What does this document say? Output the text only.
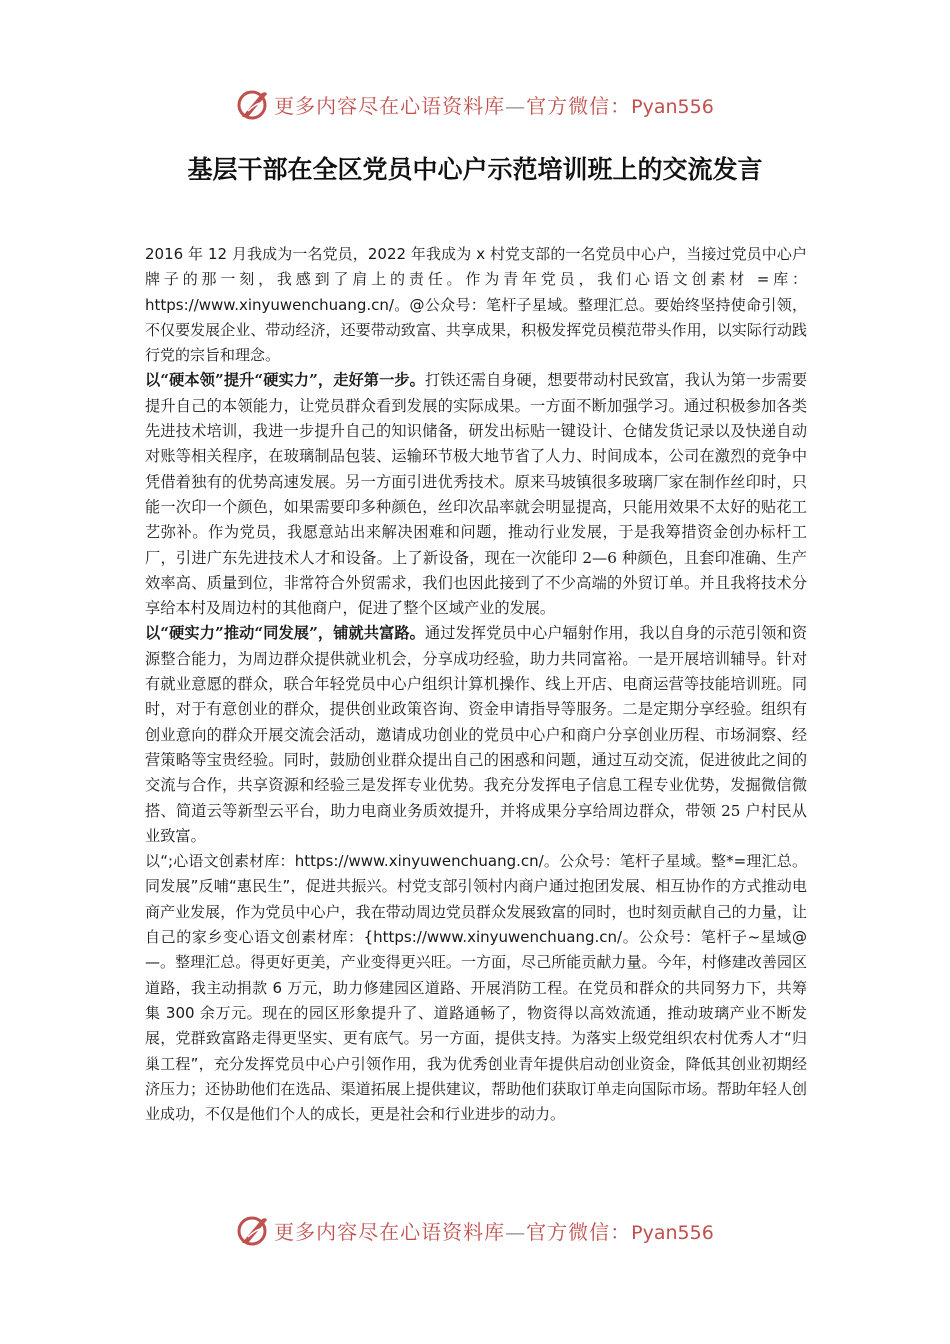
更多内容尽在心语资料库—官方微信：Pyan556
基层干部在全区党员中心户示范培训班上的交流发言

2016 年 12 月我成为一名党员，2022 年我成为 x 村党支部的一名党员中心户，当接过党员中心户牌子的那一刻，我感到了肩上的责任。作为青年党员，我们心语文创素材 =库：https://www.xinyuwenchuang.cn/。@公众号：笔杆子星域。整理汇总。要始终坚持使命引领，不仅要发展企业、带动经济，还要带动致富、共享成果，积极发挥党员模范带头作用，以实际行动践行党的宗旨和理念。

以“硬本领”提升“硬实力”，走好第一步。打铁还需自身硬，想要带动村民致富，我认为第一步需要提升自己的本领能力，让党员群众看到发展的实际成果。一方面不断加强学习。通过积极参加各类先进技术培训，我进一步提升自己的知识储备，研发出标贴一键设计、仓储发货记录以及快递自动对账等相关程序，在玻璃制品包装、运输环节极大地节省了人力、时间成本，公司在激烈的竞争中凭借着独有的优势高速发展。另一方面引进优秀技术。原来马坡镇很多玻璃厂家在制作丝印时，只能一次印一个颜色，如果需要印多种颜色，丝印次品率就会明显提高，只能用效果不太好的贴花工艺弥补。作为党员，我愿意站出来解决困难和问题，推动行业发展，于是我筹措资金创办标杆工厂，引进广东先进技术人才和设备。上了新设备，现在一次能印 2—6 种颜色，且套印准确、生产效率高、质量到位，非常符合外贸需求，我们也因此接到了不少高端的外贸订单。并且我将技术分享给本村及周边村的其他商户，促进了整个区域产业的发展。

以“硬实力”推动“同发展”，铺就共富路。通过发挥党员中心户辐射作用，我以自身的示范引领和资源整合能力，为周边群众提供就业机会，分享成功经验，助力共同富裕。一是开展培训辅导。针对有就业意愿的群众，联合年轻党员中心户组织计算机操作、线上开店、电商运营等技能培训班。同时，对于有意创业的群众，提供创业政策咨询、资金申请指导等服务。二是定期分享经验。组织有创业意向的群众开展交流会活动，邀请成功创业的党员中心户和商户分享创业历程、市场洞察、经营策略等宝贵经验。同时，鼓励创业群众提出自己的困惑和问题，通过互动交流，促进彼此之间的交流与合作，共享资源和经验三是发挥专业优势。我充分发挥电子信息工程专业优势，发掘微信微搭、简道云等新型云平台，助力电商业务质效提升，并将成果分享给周边群众，带领 25 户村民从业致富。

以“;心语文创素材库：https://www.xinyuwenchuang.cn/。公众号：笔杆子星域。整*=理汇总。同发展”反哺“惠民生”，促进共振兴。村党支部引领村内商户通过抱团发展、相互协作的方式推动电商产业发展，作为党员中心户，我在带动周边党员群众发展致富的同时，也时刻贡献自己的力量，让自己的家乡变心语文创素材库：{https://www.xinyuwenchuang.cn/。公众号：笔杆子~星域@—。整理汇总。得更好更美，产业变得更兴旺。一方面，尽己所能贡献力量。今年，村修建改善园区道路，我主动捐款 6 万元，助力修建园区道路、开展消防工程。在党员和群众的共同努力下，共筹集 300 余万元。现在的园区形象提升了、道路通畅了，物资得以高效流通，推动玻璃产业不断发展，党群致富路走得更坚实、更有底气。另一方面，提供支持。为落实上级党组织农村优秀人才“归巢工程”，充分发挥党员中心户引领作用，我为优秀创业青年提供启动创业资金，降低其创业初期经济压力；还协助他们在选品、渠道拓展上提供建议，帮助他们获取订单走向国际市场。帮助年轻人创业成功，不仅是他们个人的成长，更是社会和行业进步的动力。

更多内容尽在心语资料库—官方微信：Pyan556
